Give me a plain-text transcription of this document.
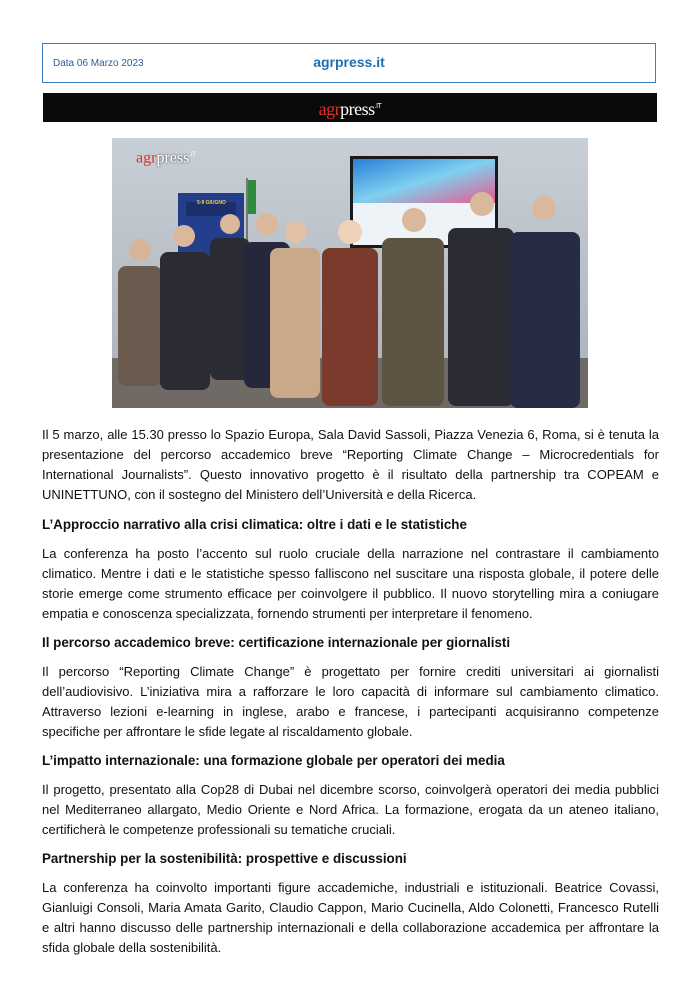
Data 06 Marzo 2023	agrpress.it
agrpress$^{.IT}$
agrpress$^{.IT}$
5-9 GIUGNO

Il 5 marzo, alle 15.30 presso lo Spazio Europa, Sala David Sassoli, Piazza Venezia 6, Roma, si è tenuta la presentazione del percorso accademico breve “Reporting Climate Change – Microcredentials for International Journalists”. Questo innovativo progetto è il risultato della partnership tra COPEAM e UNINETTUNO, con il sostegno del Ministero dell’Università e della Ricerca.

L’Approccio narrativo alla crisi climatica: oltre i dati e le statistiche

La conferenza ha posto l’accento sul ruolo cruciale della narrazione nel contrastare il cambiamento climatico. Mentre i dati e le statistiche spesso falliscono nel suscitare una risposta globale, il potere delle storie emerge come strumento efficace per coinvolgere il pubblico. Il nuovo storytelling mira a coniugare empatia e conoscenza specializzata, fornendo strumenti per interpretare il fenomeno.

Il percorso accademico breve: certificazione internazionale per giornalisti

Il percorso “Reporting Climate Change” è progettato per fornire crediti universitari ai giornalisti dell’audiovisivo. L’iniziativa mira a rafforzare le loro capacità di informare sul cambiamento climatico. Attraverso lezioni e-learning in inglese, arabo e francese, i partecipanti acquisiranno competenze specifiche per affrontare le sfide legate al riscaldamento globale.

L’impatto internazionale: una formazione globale per operatori dei media

Il progetto, presentato alla Cop28 di Dubai nel dicembre scorso, coinvolgerà operatori dei media pubblici nel Mediterraneo allargato, Medio Oriente e Nord Africa. La formazione, erogata da un ateneo italiano, certificherà le competenze professionali su tematiche cruciali.

Partnership per la sostenibilità: prospettive e discussioni

La conferenza ha coinvolto importanti figure accademiche, industriali e istituzionali. Beatrice Covassi, Gianluigi Consoli, Maria Amata Garito, Claudio Cappon, Mario Cucinella, Aldo Colonetti, Francesco Rutelli e altri hanno discusso delle partnership internazionali e della collaborazione accademica per affrontare la sfida globale della sostenibilità.
